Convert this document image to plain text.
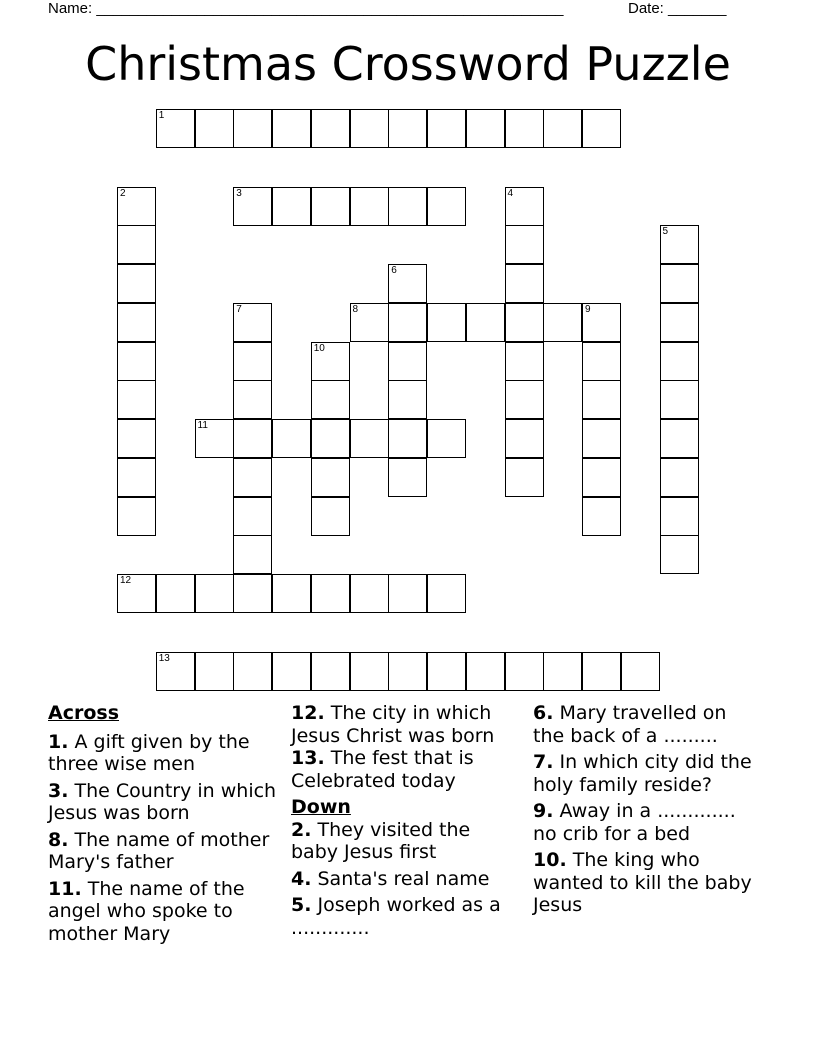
Name: ________________________________________________________	Date: _______
Christmas Crossword Puzzle
1
2	3	4
5
6
7	8	9
10
11
12
13
Across
1. A gift given by the three wise men
3. The Country in which Jesus was born
8. The name of mother Mary's father
11. The name of the angel who spoke to mother Mary
12. The city in which Jesus Christ was born
13. The fest that is Celebrated today
Down
2. They visited the baby Jesus first
4. Santa's real name
5. Joseph worked as a .............
6. Mary travelled on the back of a .........
7. In which city did the holy family reside?
9. Away in a ............. no crib for a bed
10. The king who wanted to kill the baby Jesus
